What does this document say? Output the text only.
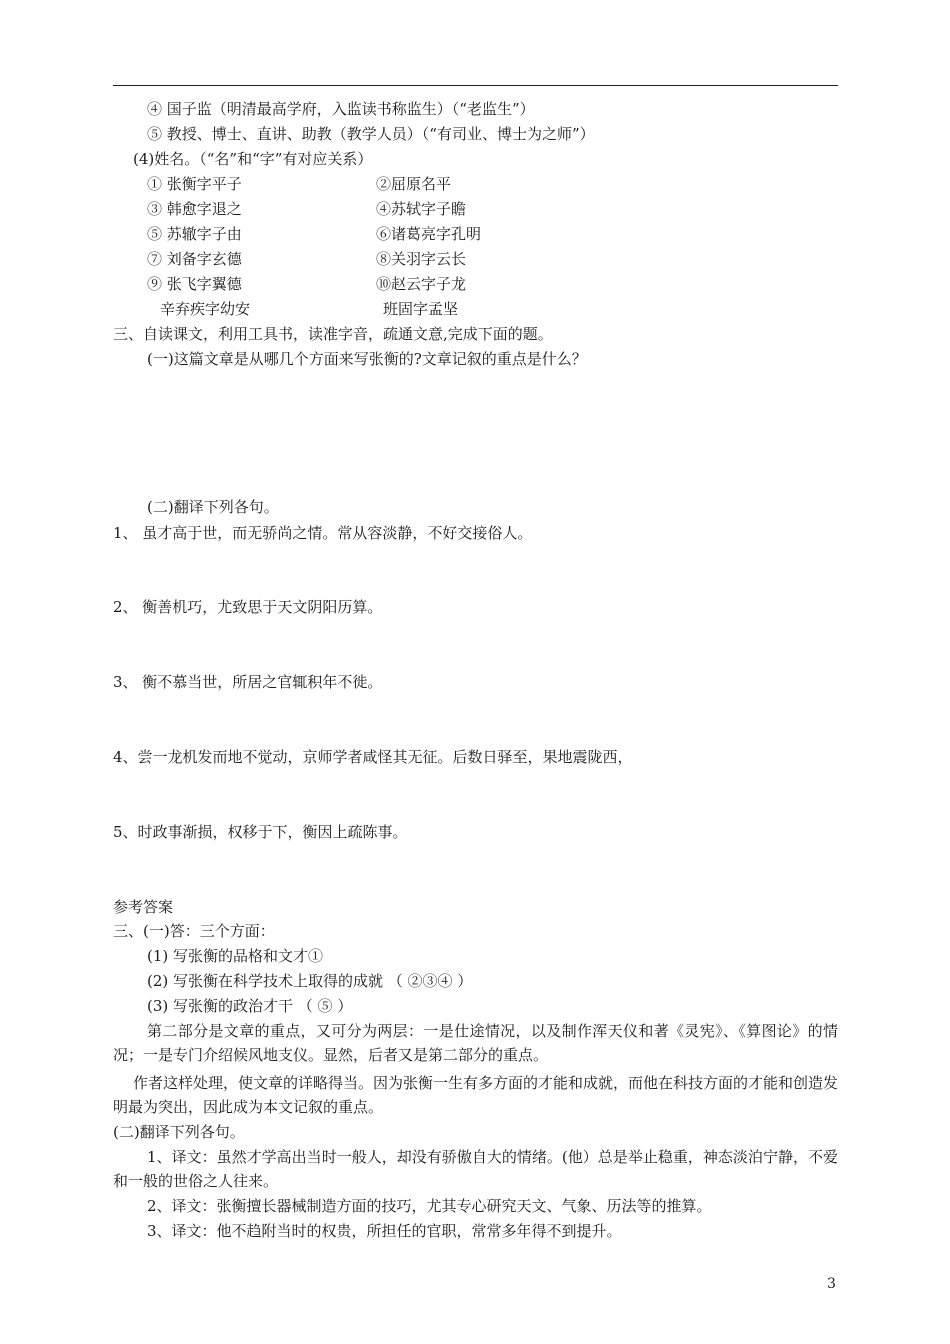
④ 国子监（明清最高学府，入监读书称监生）（“老监生”）
⑤ 教授、博士、直讲、助教（教学人员）（“有司业、博士为之师”）
(4)姓名。（“名”和“字”有对应关系）
① 张衡字平子	②屈原名平
③ 韩愈字退之	④苏轼字子瞻
⑤ 苏辙字子由	⑥诸葛亮字孔明
⑦ 刘备字玄德	⑧关羽字云长
⑨ 张飞字翼德	⑩赵云字子龙
辛弃疾字幼安	班固字孟坚
三、自读课文，利用工具书，读准字音，疏通文意,完成下面的题。
(一)这篇文章是从哪几个方面来写张衡的?文章记叙的重点是什么？
(二)翻译下列各句。
1、 虽才高于世，而无骄尚之情。常从容淡静，不好交接俗人。
2、 衡善机巧，尤致思于天文阴阳历算。
3、 衡不慕当世，所居之官辄积年不徙。
4、尝一龙机发而地不觉动，京师学者咸怪其无征。后数日驿至，果地震陇西，
5、时政事渐损，权移于下，衡因上疏陈事。
参考答案
三、(一)答：三个方面：
(1) 写张衡的品格和文才①
(2) 写张衡在科学技术上取得的成就 （ ②③④ ）
(3) 写张衡的政治才干 （ ⑤ ）
第二部分是文章的重点，又可分为两层：一是仕途情况，以及制作浑天仪和著《灵宪》、《算图论》的情况；一是专门介绍候风地支仪。显然，后者又是第二部分的重点。
作者这样处理，使文章的详略得当。因为张衡一生有多方面的才能和成就，而他在科技方面的才能和创造发明最为突出，因此成为本文记叙的重点。
(二)翻译下列各句。
1、译文：虽然才学高出当时一般人，却没有骄傲自大的情绪。(他）总是举止稳重，神态淡泊宁静，不爱和一般的世俗之人往来。
2、译文：张衡擅长器械制造方面的技巧，尤其专心研究天文、气象、历法等的推算。
3、译文：他不趋附当时的权贵，所担任的官职，常常多年得不到提升。
3
